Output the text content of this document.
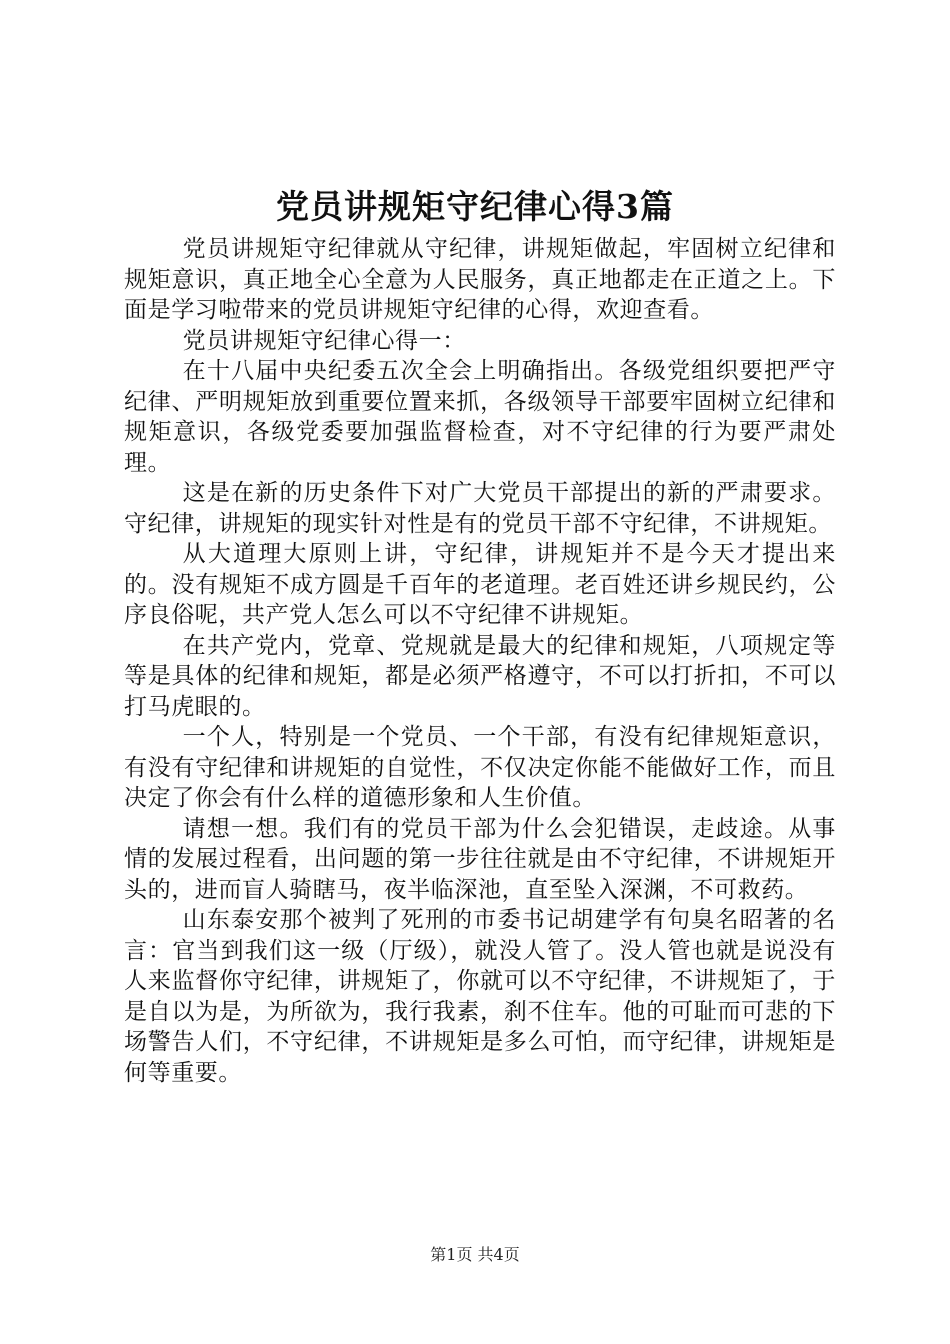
党员讲规矩守纪律心得3篇

党员讲规矩守纪律就从守纪律，讲规矩做起，牢固树立纪律和规矩意识，真正地全心全意为人民服务，真正地都走在正道之上。下面是学习啦带来的党员讲规矩守纪律的心得，欢迎查看。

党员讲规矩守纪律心得一：

在十八届中央纪委五次全会上明确指出。各级党组织要把严守纪律、严明规矩放到重要位置来抓，各级领导干部要牢固树立纪律和规矩意识，各级党委要加强监督检查，对不守纪律的行为要严肃处理。

这是在新的历史条件下对广大党员干部提出的新的严肃要求。守纪律，讲规矩的现实针对性是有的党员干部不守纪律，不讲规矩。

从大道理大原则上讲，守纪律，讲规矩并不是今天才提出来的。没有规矩不成方圆是千百年的老道理。老百姓还讲乡规民约，公序良俗呢，共产党人怎么可以不守纪律不讲规矩。

在共产党内，党章、党规就是最大的纪律和规矩，八项规定等等是具体的纪律和规矩，都是必须严格遵守，不可以打折扣，不可以打马虎眼的。

一个人，特别是一个党员、一个干部，有没有纪律规矩意识，有没有守纪律和讲规矩的自觉性，不仅决定你能不能做好工作，而且决定了你会有什么样的道德形象和人生价值。

请想一想。我们有的党员干部为什么会犯错误，走歧途。从事情的发展过程看，出问题的第一步往往就是由不守纪律，不讲规矩开头的，进而盲人骑瞎马，夜半临深池，直至坠入深渊，不可救药。

山东泰安那个被判了死刑的市委书记胡建学有句臭名昭著的名言：官当到我们这一级（厅级），就没人管了。没人管也就是说没有人来监督你守纪律，讲规矩了，你就可以不守纪律，不讲规矩了，于是自以为是，为所欲为，我行我素，刹不住车。他的可耻而可悲的下场警告人们，不守纪律，不讲规矩是多么可怕，而守纪律，讲规矩是何等重要。

第1页 共4页
